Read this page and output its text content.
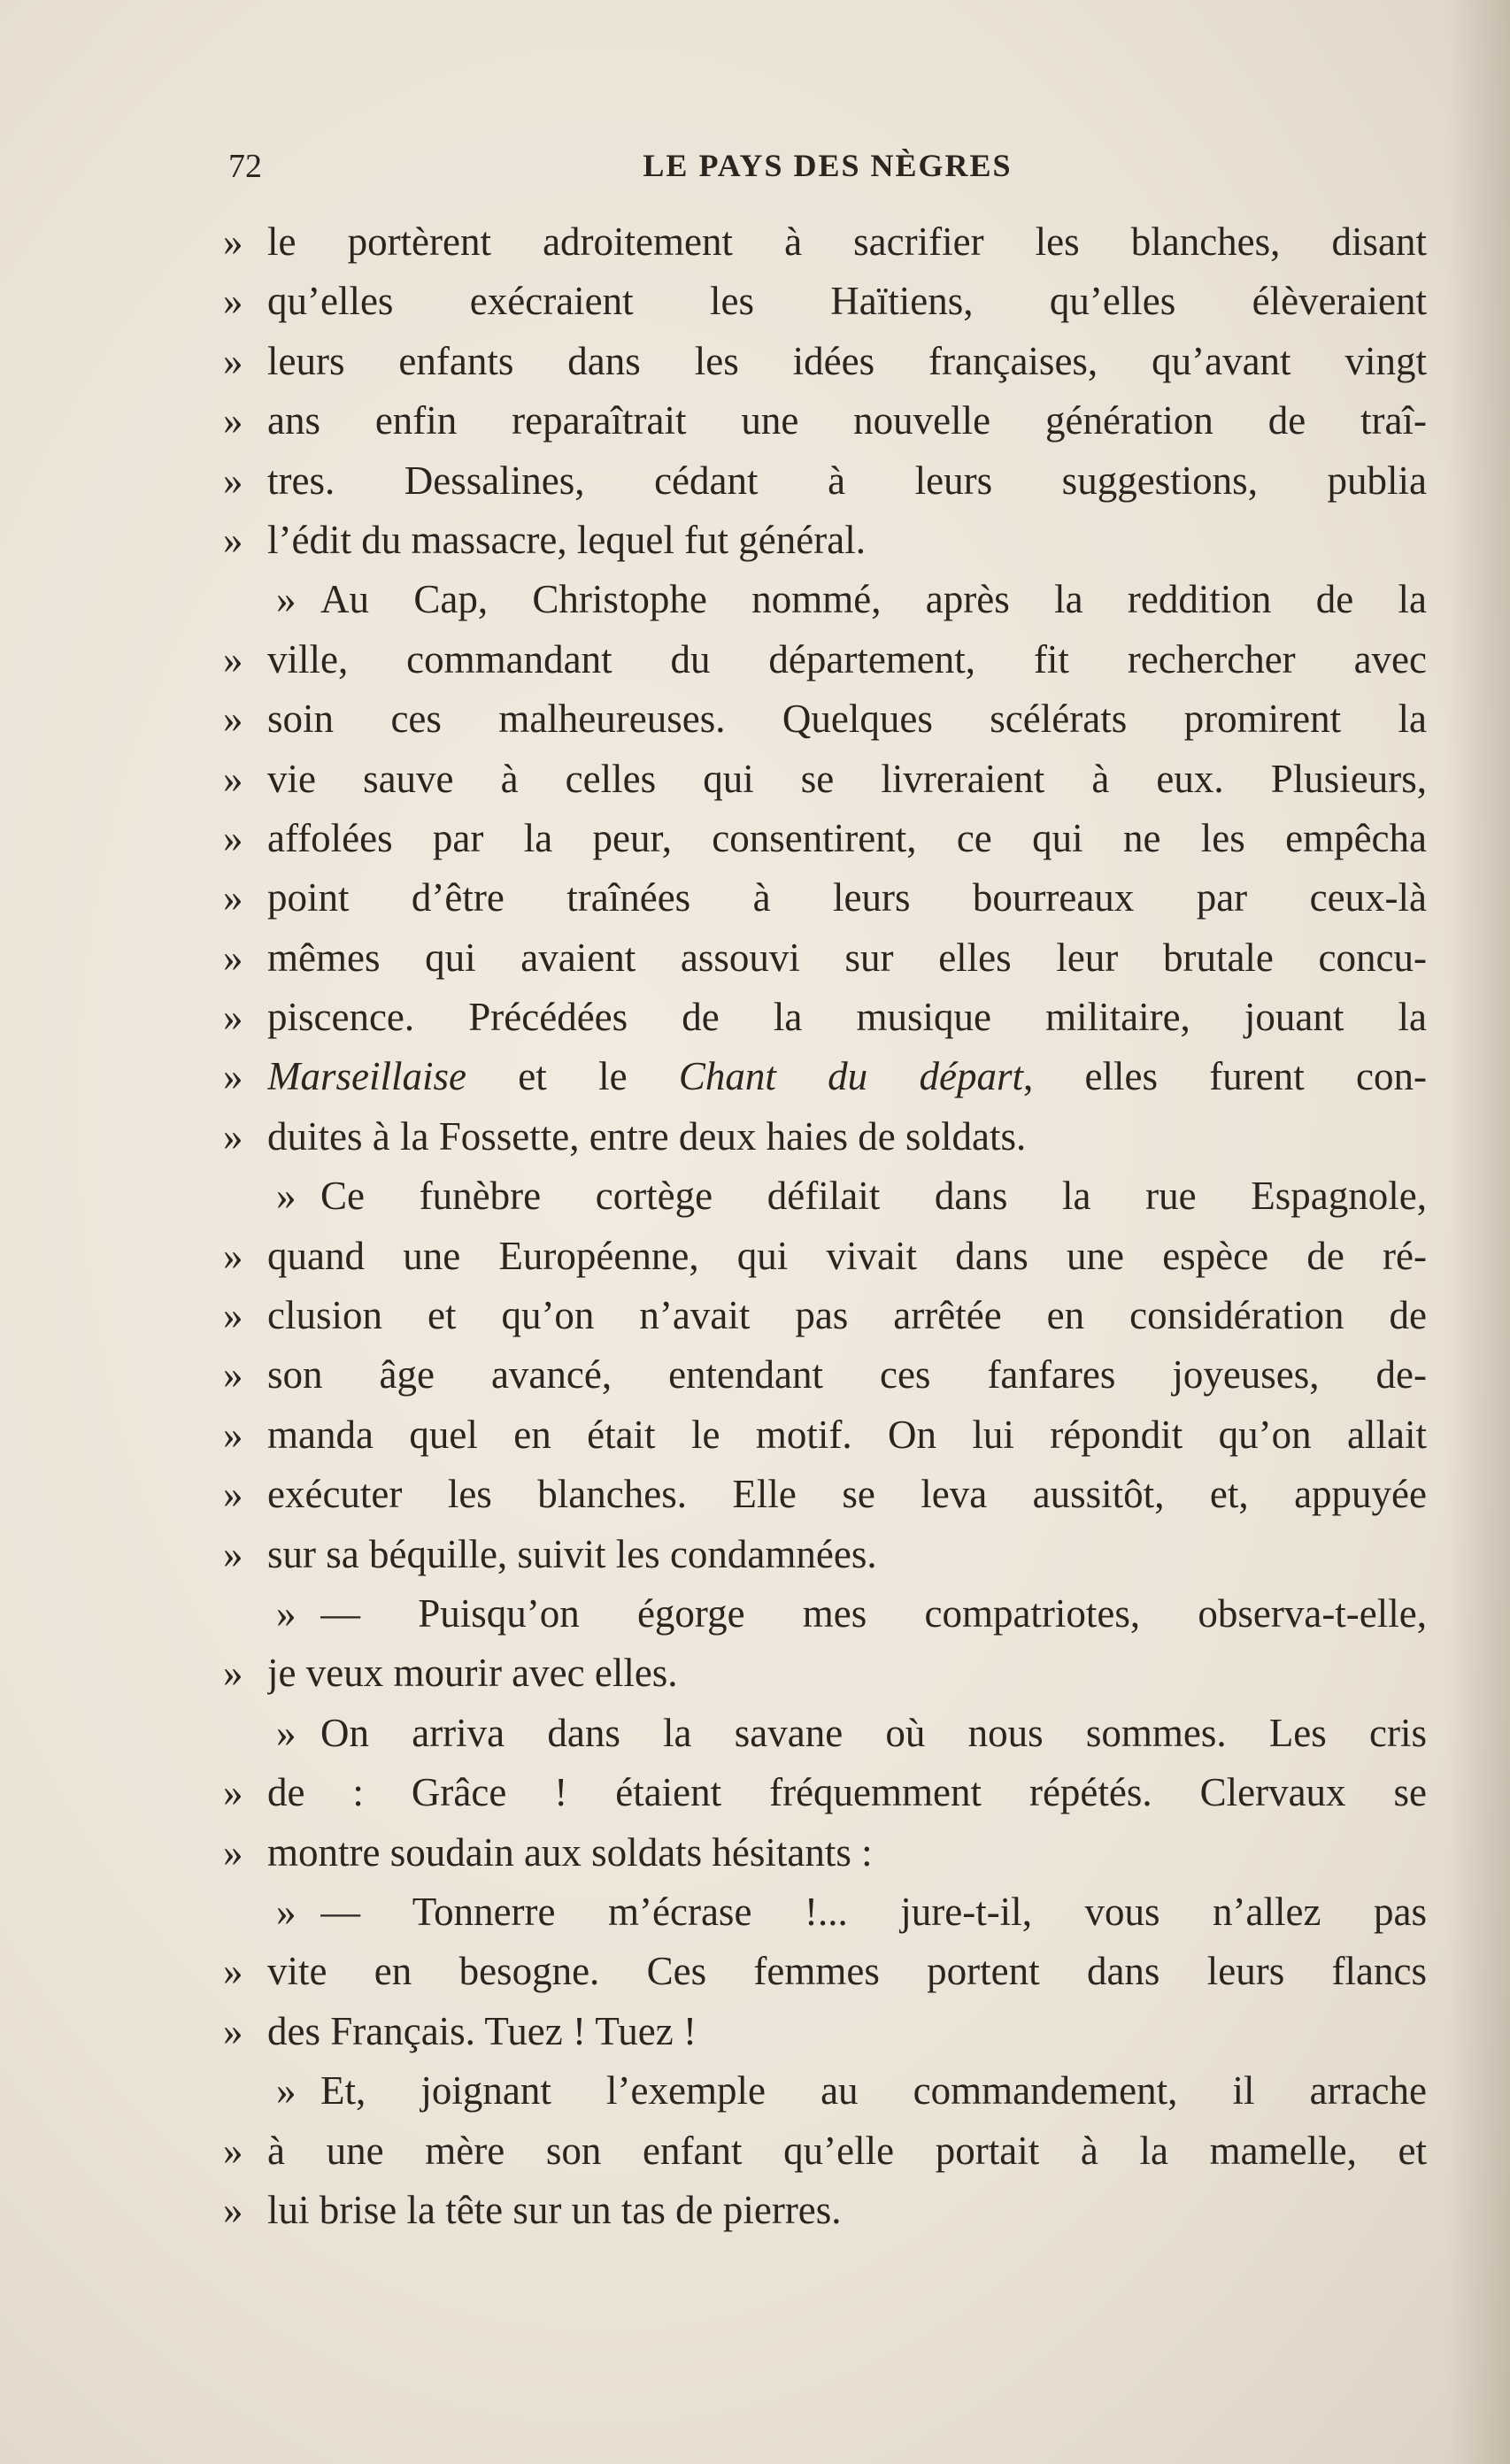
72	LE PAYS DES NÈGRES
» le portèrent adroitement à sacrifier les blanches, disant
» qu’elles exécraient les Haïtiens, qu’elles élèveraient
» leurs enfants dans les idées françaises, qu’avant vingt
» ans enfin reparaîtrait une nouvelle génération de traî-
» tres. Dessalines, cédant à leurs suggestions, publia
» l’édit du massacre, lequel fut général.
» Au Cap, Christophe nommé, après la reddition de la
» ville, commandant du département, fit rechercher avec
» soin ces malheureuses. Quelques scélérats promirent la
» vie sauve à celles qui se livreraient à eux. Plusieurs,
» affolées par la peur, consentirent, ce qui ne les empêcha
» point d’être traînées à leurs bourreaux par ceux-là
» mêmes qui avaient assouvi sur elles leur brutale concu-
» piscence. Précédées de la musique militaire, jouant la
» Marseillaise et le Chant du départ, elles furent con-
» duites à la Fossette, entre deux haies de soldats.
» Ce funèbre cortège défilait dans la rue Espagnole,
» quand une Européenne, qui vivait dans une espèce de ré-
» clusion et qu’on n’avait pas arrêtée en considération de
» son âge avancé, entendant ces fanfares joyeuses, de-
» manda quel en était le motif. On lui répondit qu’on allait
» exécuter les blanches. Elle se leva aussitôt, et, appuyée
» sur sa béquille, suivit les condamnées.
» — Puisqu’on égorge mes compatriotes, observa-t-elle,
» je veux mourir avec elles.
» On arriva dans la savane où nous sommes. Les cris
» de : Grâce ! étaient fréquemment répétés. Clervaux se
» montre soudain aux soldats hésitants :
» — Tonnerre m’écrase !... jure-t-il, vous n’allez pas
» vite en besogne. Ces femmes portent dans leurs flancs
» des Français. Tuez ! Tuez !
» Et, joignant l’exemple au commandement, il arrache
» à une mère son enfant qu’elle portait à la mamelle, et
» lui brise la tête sur un tas de pierres.
